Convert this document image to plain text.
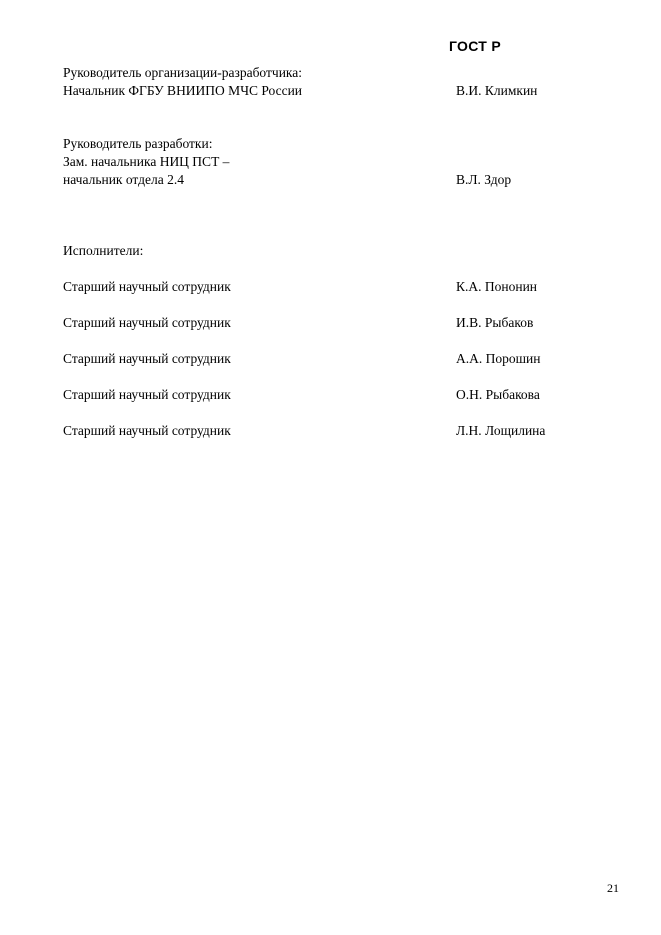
ГОСТ Р
Руководитель организации-разработчика:
Начальник ФГБУ ВНИИПО МЧС России	В.И. Климкин
Руководитель разработки:
Зам. начальника НИЦ ПСТ –
начальник отдела 2.4	В.Л. Здор
Исполнители:
Старший научный сотрудник	К.А. Пононин
Старший научный сотрудник	И.В. Рыбаков
Старший научный сотрудник	А.А. Порошин
Старший научный сотрудник	О.Н. Рыбакова
Старший научный сотрудник	Л.Н. Лощилина
21
